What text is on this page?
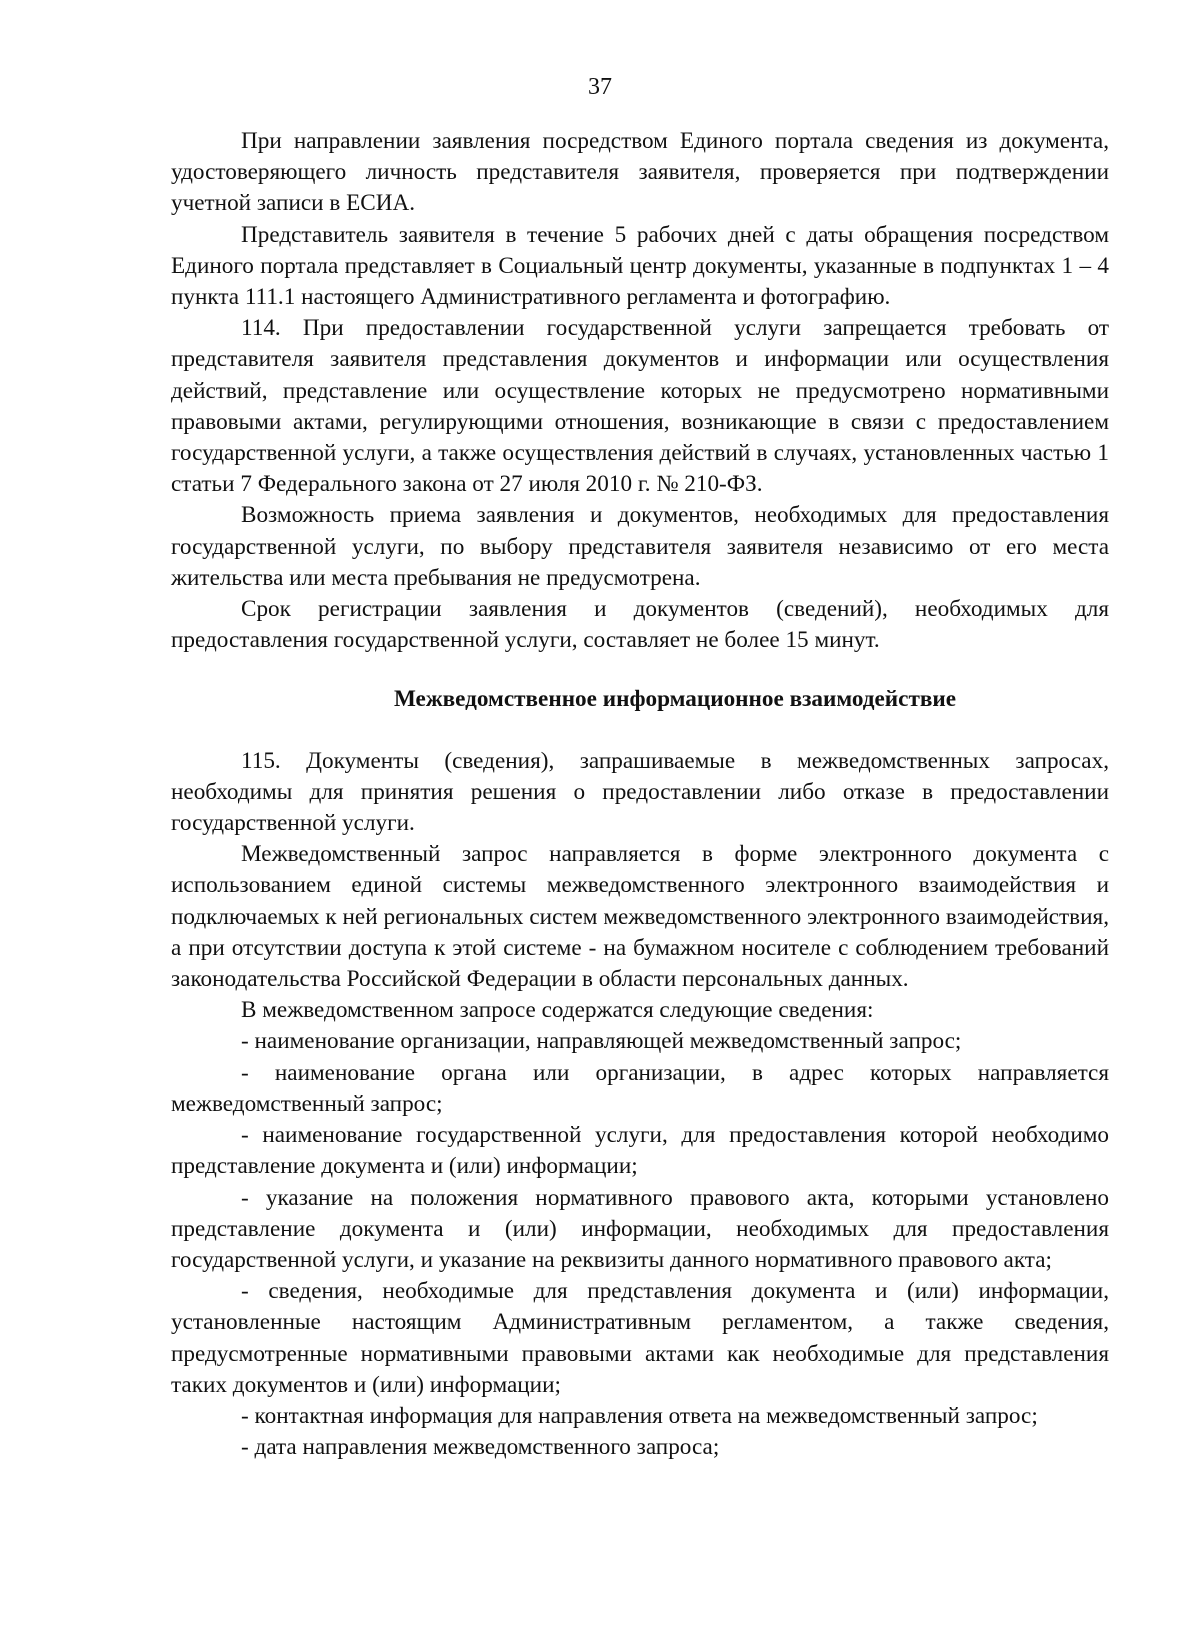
37

При направлении заявления посредством Единого портала сведения из документа, удостоверяющего личность представителя заявителя, проверяется при подтверждении учетной записи в ЕСИА.

Представитель заявителя в течение 5 рабочих дней с даты обращения посредством Единого портала представляет в Социальный центр документы, указанные в подпунктах 1 – 4 пункта 111.1 настоящего Административного регламента и фотографию.

114. При предоставлении государственной услуги запрещается требовать от представителя заявителя представления документов и информации или осуществления действий, представление или осуществление которых не предусмотрено нормативными правовыми актами, регулирующими отношения, возникающие в связи с предоставлением государственной услуги, а также осуществления действий в случаях, установленных частью 1 статьи 7 Федерального закона от 27 июля 2010 г. № 210-ФЗ.

Возможность приема заявления и документов, необходимых для предоставления государственной услуги, по выбору представителя заявителя независимо от его места жительства или места пребывания не предусмотрена.

Срок регистрации заявления и документов (сведений), необходимых для предоставления государственной услуги, составляет не более 15 минут.

Межведомственное информационное взаимодействие

115. Документы (сведения), запрашиваемые в межведомственных запросах, необходимы для принятия решения о предоставлении либо отказе в предоставлении государственной услуги.

Межведомственный запрос направляется в форме электронного документа с использованием единой системы межведомственного электронного взаимодействия и подключаемых к ней региональных систем межведомственного электронного взаимодействия, а при отсутствии доступа к этой системе - на бумажном носителе с соблюдением требований законодательства Российской Федерации в области персональных данных.

В межведомственном запросе содержатся следующие сведения:

- наименование организации, направляющей межведомственный запрос;

- наименование органа или организации, в адрес которых направляется межведомственный запрос;

- наименование государственной услуги, для предоставления которой необходимо представление документа и (или) информации;

- указание на положения нормативного правового акта, которыми установлено представление документа и (или) информации, необходимых для предоставления государственной услуги, и указание на реквизиты данного нормативного правового акта;

- сведения, необходимые для представления документа и (или) информации, установленные настоящим Административным регламентом, а также сведения, предусмотренные нормативными правовыми актами как необходимые для представления таких документов и (или) информации;

- контактная информация для направления ответа на межведомственный запрос;

- дата направления межведомственного запроса;
